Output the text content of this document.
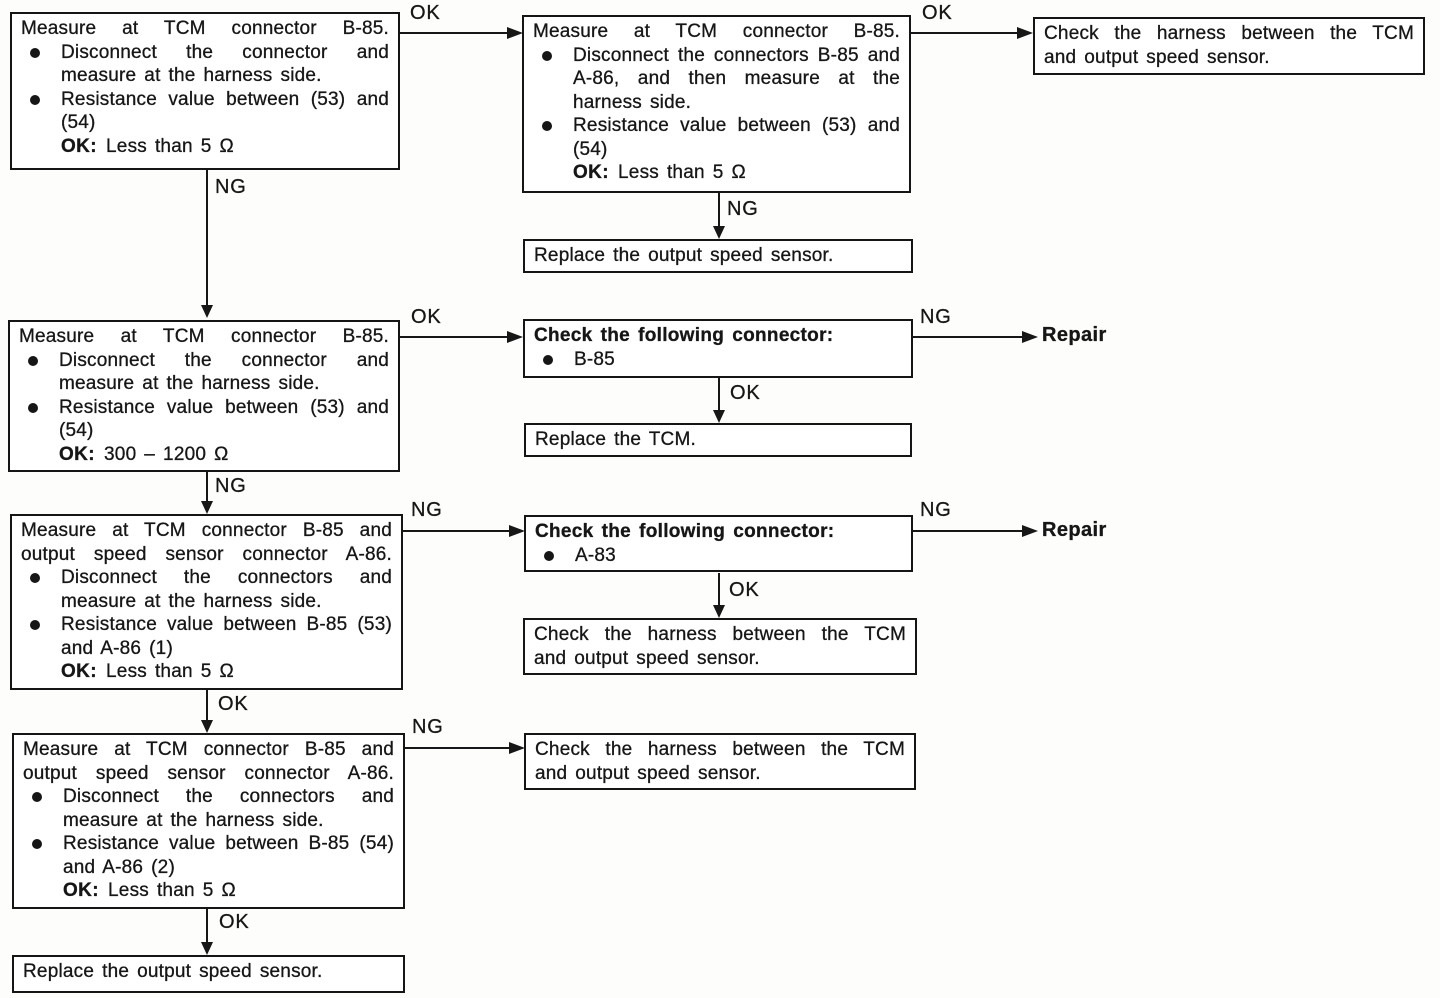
Measure at TCM connector B-85.
Disconnect the connector and measure at the harness side.
Resistance value between (53) and (54)
OK: Less than 5 Ω
Measure at TCM connector B-85.
Disconnect the connectors B-85 and A-86, and then measure at the harness side.
Resistance value between (53) and (54)
OK: Less than 5 Ω
Check the harness between the TCM and output speed sensor.
Replace the output speed sensor.
Measure at TCM connector B-85.
Disconnect the connector and measure at the harness side.
Resistance value between (53) and (54)
OK: 300 – 1200 Ω
Check the following connector:
B-85
Replace the TCM.
Measure at TCM connector B-85 and output speed sensor connector A-86.
Disconnect the connectors and measure at the harness side.
Resistance value between B-85 (53) and A-86 (1)
OK: Less than 5 Ω
Check the following connector:
A-83
Check the harness between the TCM and output speed sensor.
Measure at TCM connector B-85 and output speed sensor connector A-86.
Disconnect the connectors and measure at the harness side.
Resistance value between B-85 (54) and A-86 (2)
OK: Less than 5 Ω
Check the harness between the TCM and output speed sensor.
Replace the output speed sensor.
OK	OK
NG
NG
OK	NG
OK
NG
NG	NG
OK
OK
NG
OK
Repair
Repair
